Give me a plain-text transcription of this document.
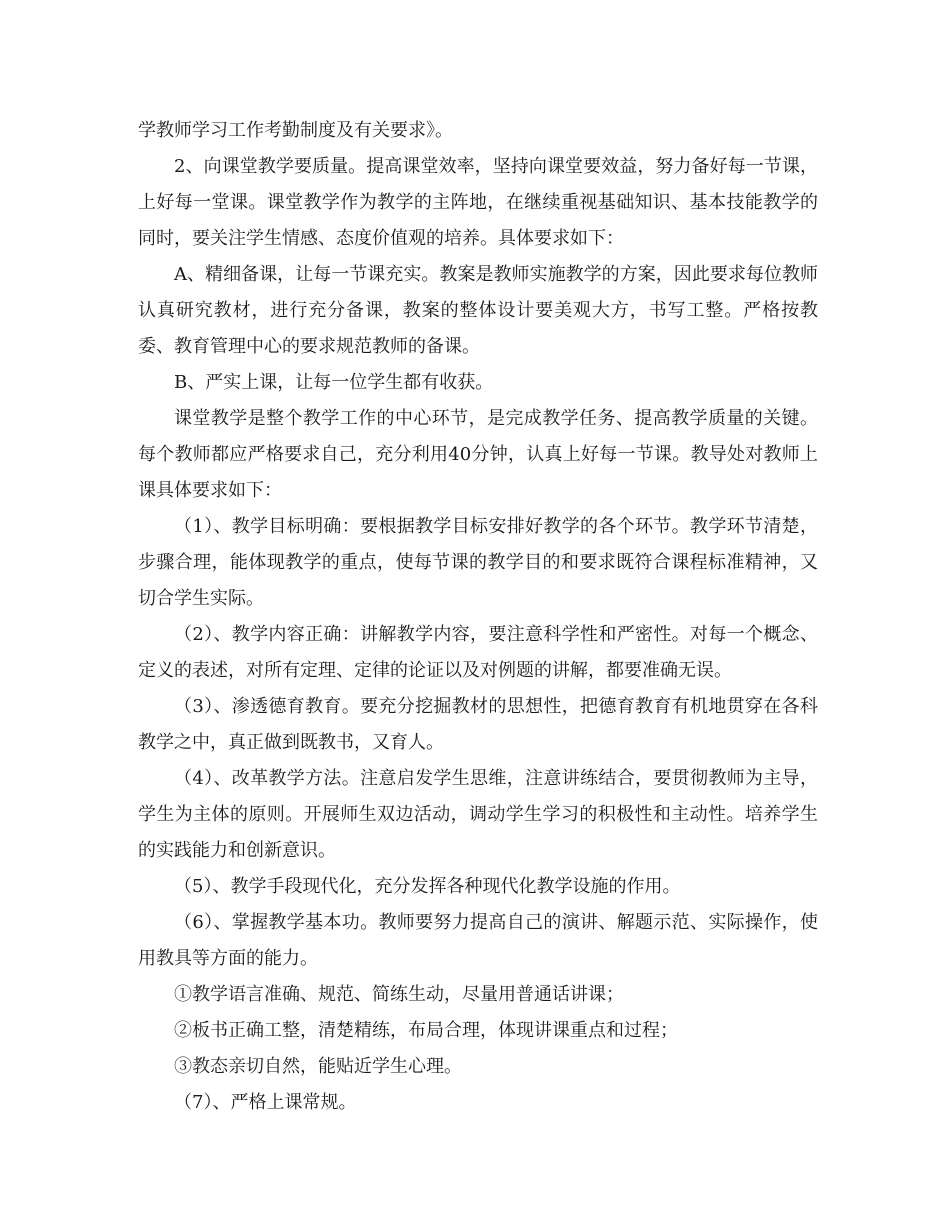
学教师学习工作考勤制度及有关要求》。

2、向课堂教学要质量。提高课堂效率，坚持向课堂要效益，努力备好每一节课，上好每一堂课。课堂教学作为教学的主阵地，在继续重视基础知识、基本技能教学的同时，要关注学生情感、态度价值观的培养。具体要求如下：

A、精细备课，让每一节课充实。教案是教师实施教学的方案，因此要求每位教师认真研究教材，进行充分备课，教案的整体设计要美观大方，书写工整。严格按教委、教育管理中心的要求规范教师的备课。

B、严实上课，让每一位学生都有收获。

课堂教学是整个教学工作的中心环节，是完成教学任务、提高教学质量的关键。每个教师都应严格要求自己，充分利用40分钟，认真上好每一节课。教导处对教师上课具体要求如下：

（1）、教学目标明确：要根据教学目标安排好教学的各个环节。教学环节清楚，步骤合理，能体现教学的重点，使每节课的教学目的和要求既符合课程标准精神，又切合学生实际。

（2）、教学内容正确：讲解教学内容，要注意科学性和严密性。对每一个概念、定义的表述，对所有定理、定律的论证以及对例题的讲解，都要准确无误。

（3）、渗透德育教育。要充分挖掘教材的思想性，把德育教育有机地贯穿在各科教学之中，真正做到既教书，又育人。

（4）、改革教学方法。注意启发学生思维，注意讲练结合，要贯彻教师为主导，学生为主体的原则。开展师生双边活动，调动学生学习的积极性和主动性。培养学生的实践能力和创新意识。

（5）、教学手段现代化，充分发挥各种现代化教学设施的作用。

（6）、掌握教学基本功。教师要努力提高自己的演讲、解题示范、实际操作，使用教具等方面的能力。

①教学语言准确、规范、简练生动，尽量用普通话讲课；

②板书正确工整，清楚精练，布局合理，体现讲课重点和过程；

③教态亲切自然，能贴近学生心理。

（7）、严格上课常规。
